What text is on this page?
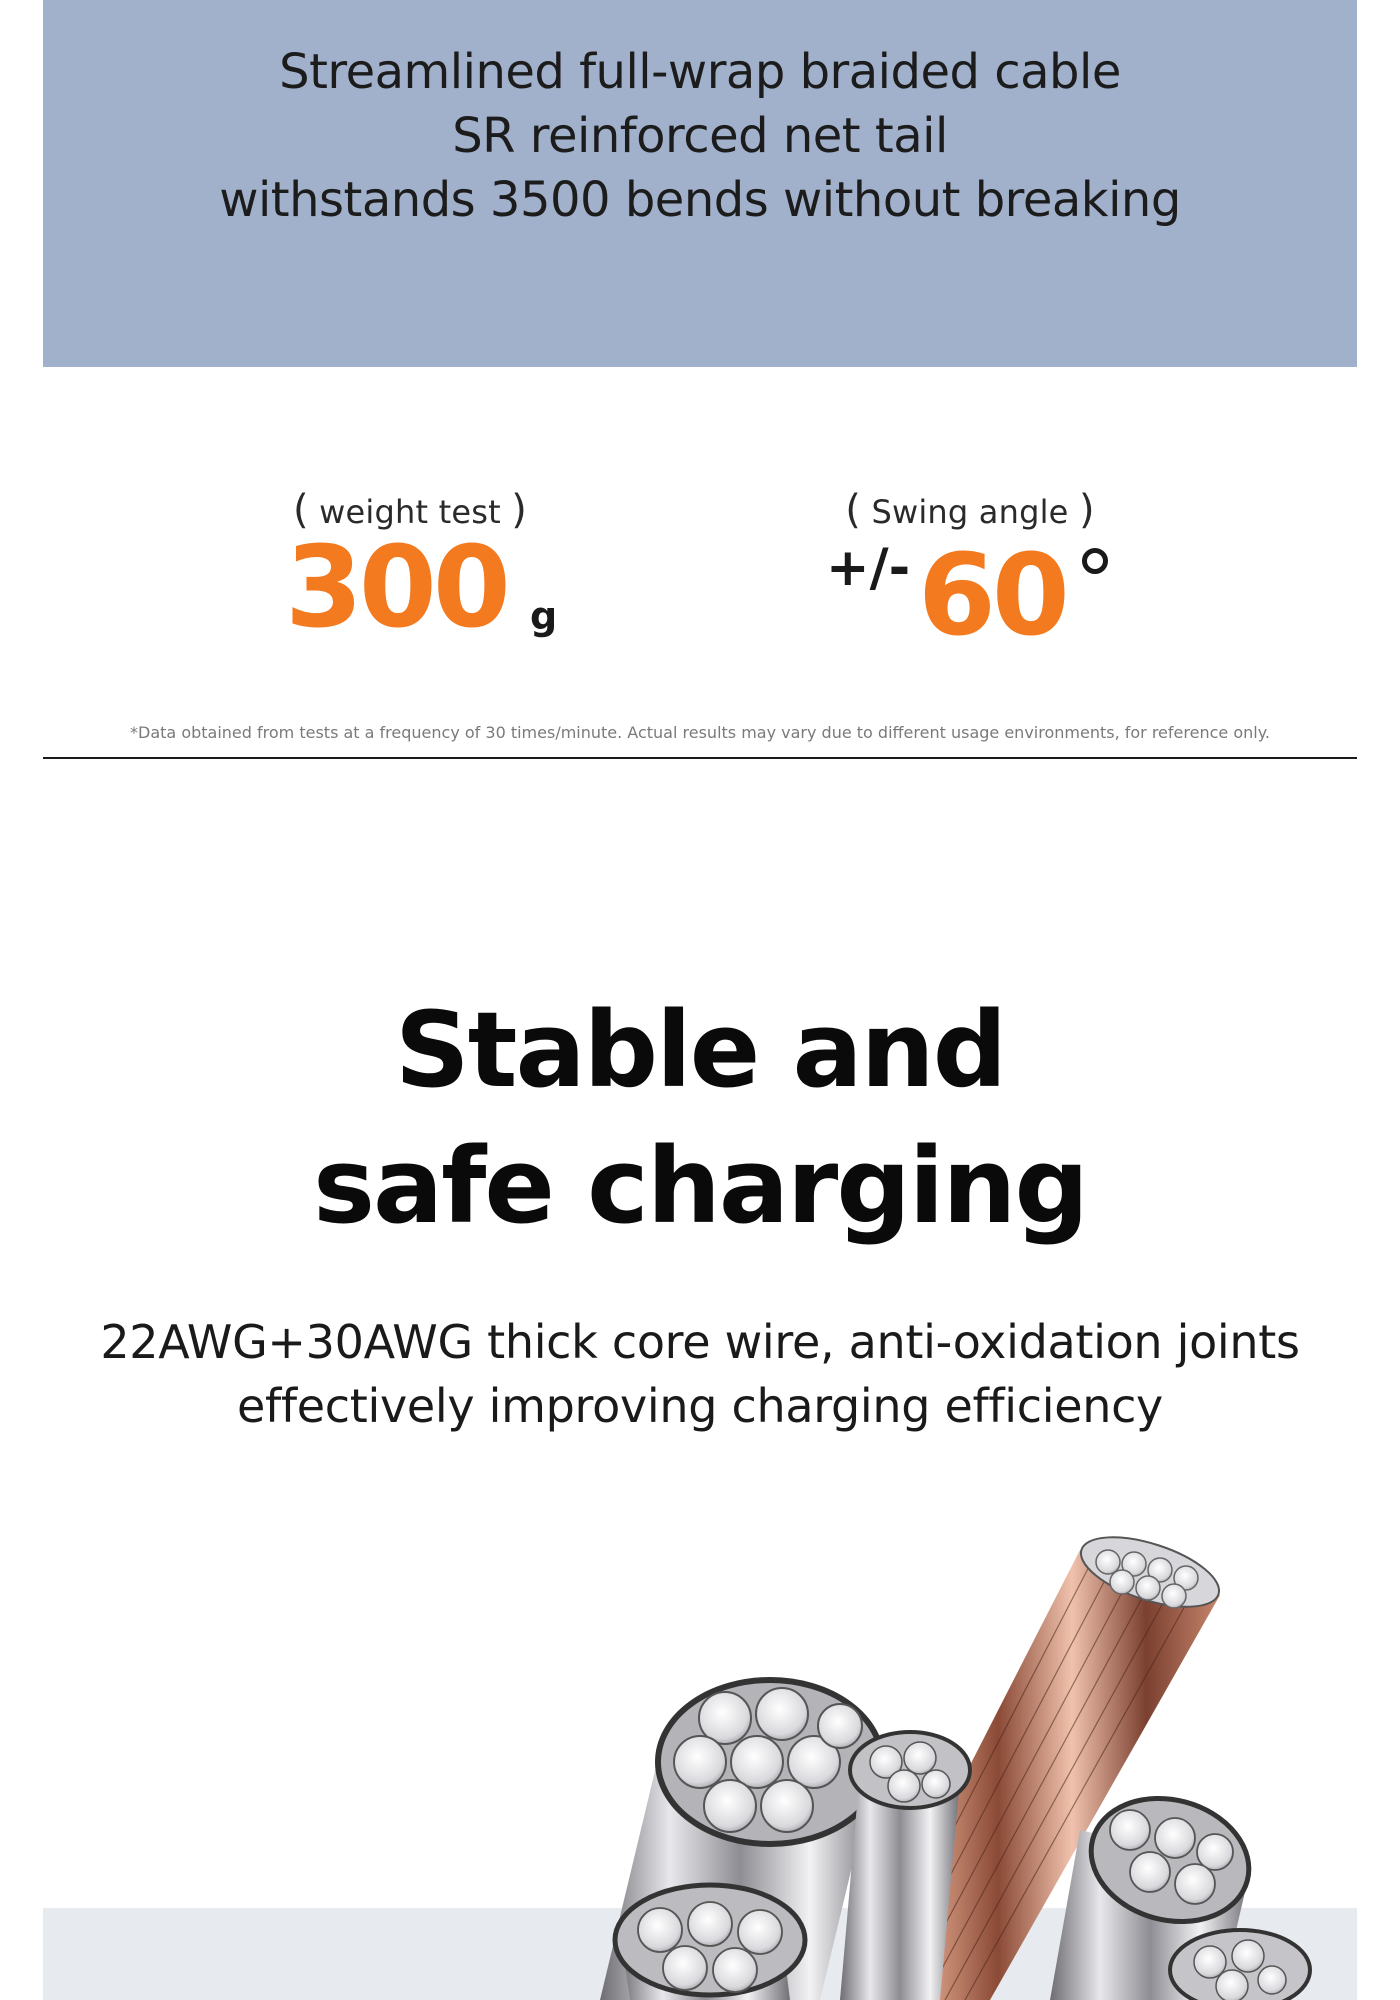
Streamlined full-wrap braided cable
SR reinforced net tail
withstands 3500 bends without breaking
( weight test )
300 g
( Swing angle )
+/- 60
*Data obtained from tests at a frequency of 30 times/minute. Actual results may vary due to different usage environments, for reference only.
Stable and
safe charging
22AWG+30AWG thick core wire, anti-oxidation joints
effectively improving charging efficiency
